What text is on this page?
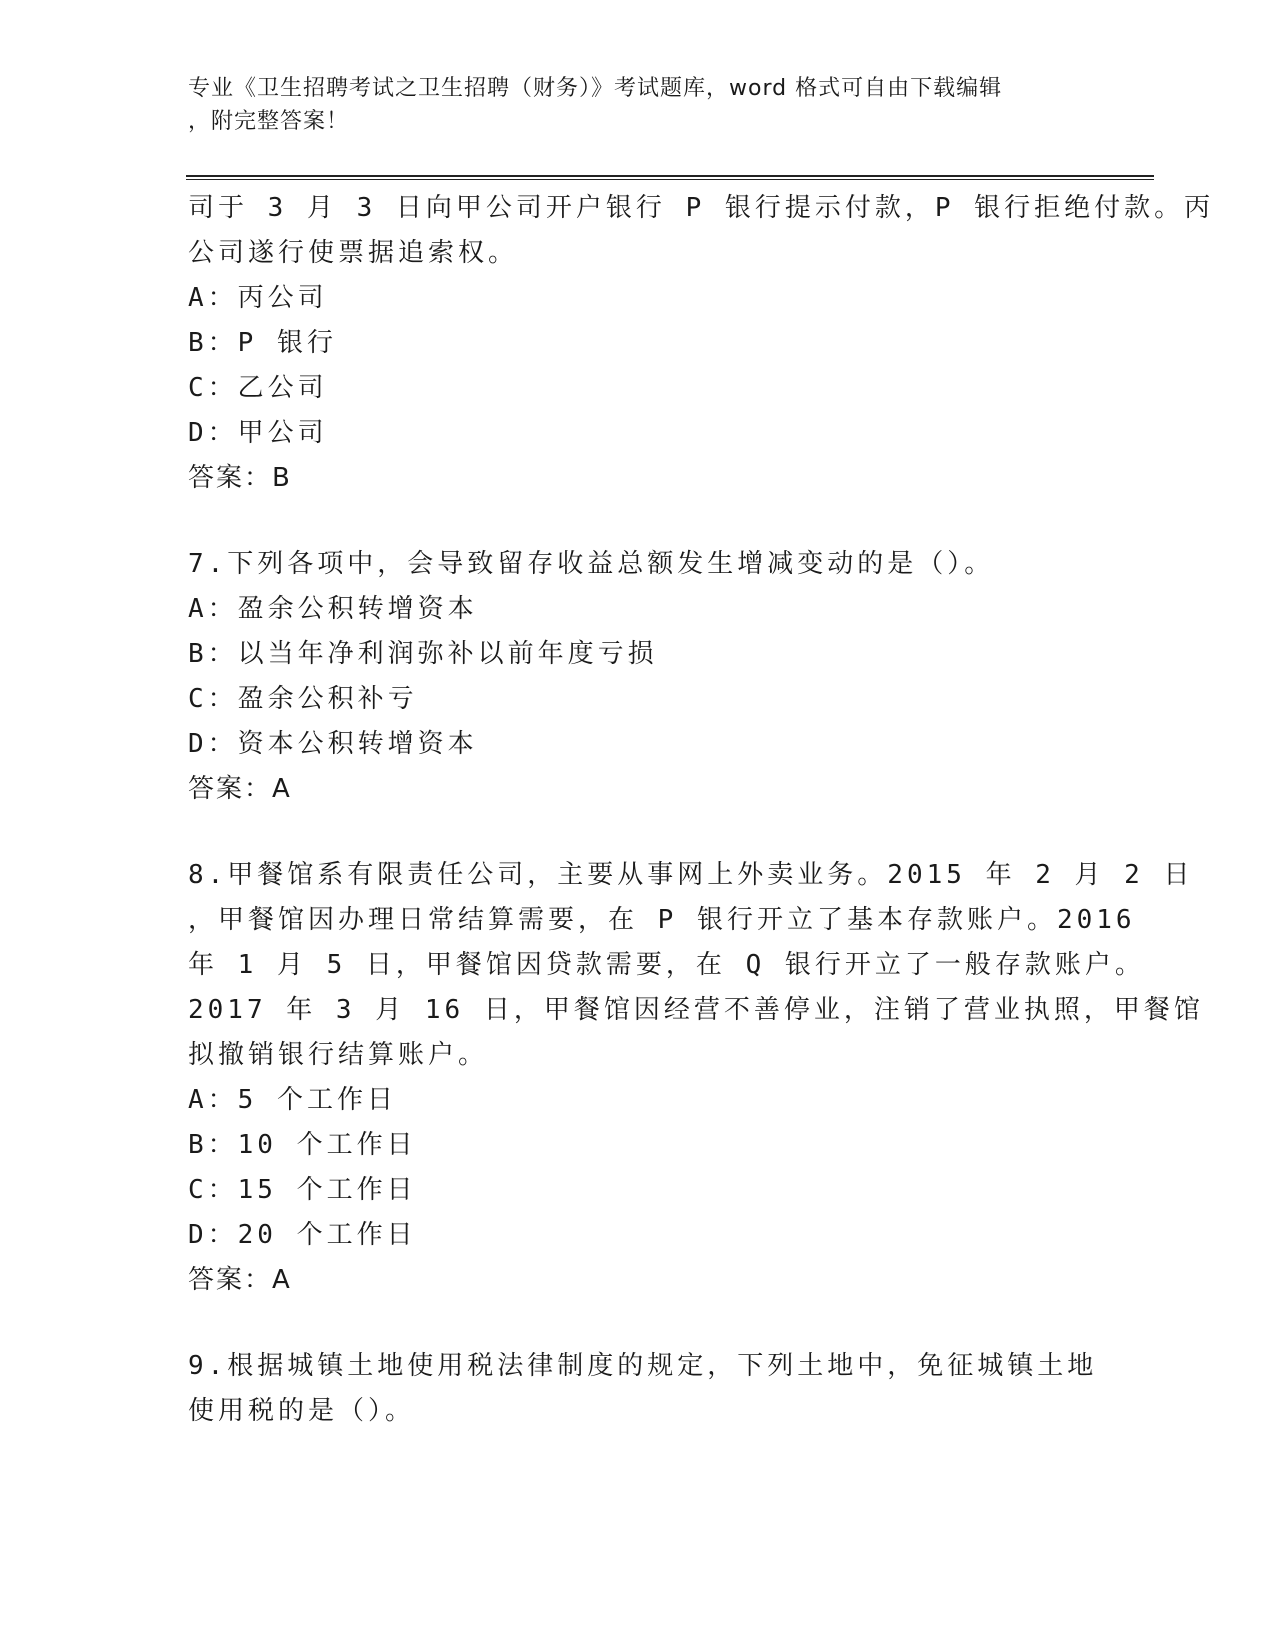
专业《卫生招聘考试之卫生招聘（财务）》考试题库，word 格式可自由下载编辑
，附完整答案！
司于 3 月 3 日向甲公司开户银行 P 银行提示付款，P 银行拒绝付款。丙
公司遂行使票据追索权。
A：丙公司
B：P 银行
C：乙公司
D：甲公司
答案：B
7.下列各项中，会导致留存收益总额发生增减变动的是（）。
A：盈余公积转增资本
B：以当年净利润弥补以前年度亏损
C：盈余公积补亏
D：资本公积转增资本
答案：A
8.甲餐馆系有限责任公司，主要从事网上外卖业务。2015 年 2 月 2 日
，甲餐馆因办理日常结算需要，在 P 银行开立了基本存款账户。2016
年 1 月 5 日，甲餐馆因贷款需要，在 Q 银行开立了一般存款账户。
2017 年 3 月 16 日，甲餐馆因经营不善停业，注销了营业执照，甲餐馆
拟撤销银行结算账户。
A：5 个工作日
B：10 个工作日
C：15 个工作日
D：20 个工作日
答案：A
9.根据城镇土地使用税法律制度的规定，下列土地中，免征城镇土地
使用税的是（）。
